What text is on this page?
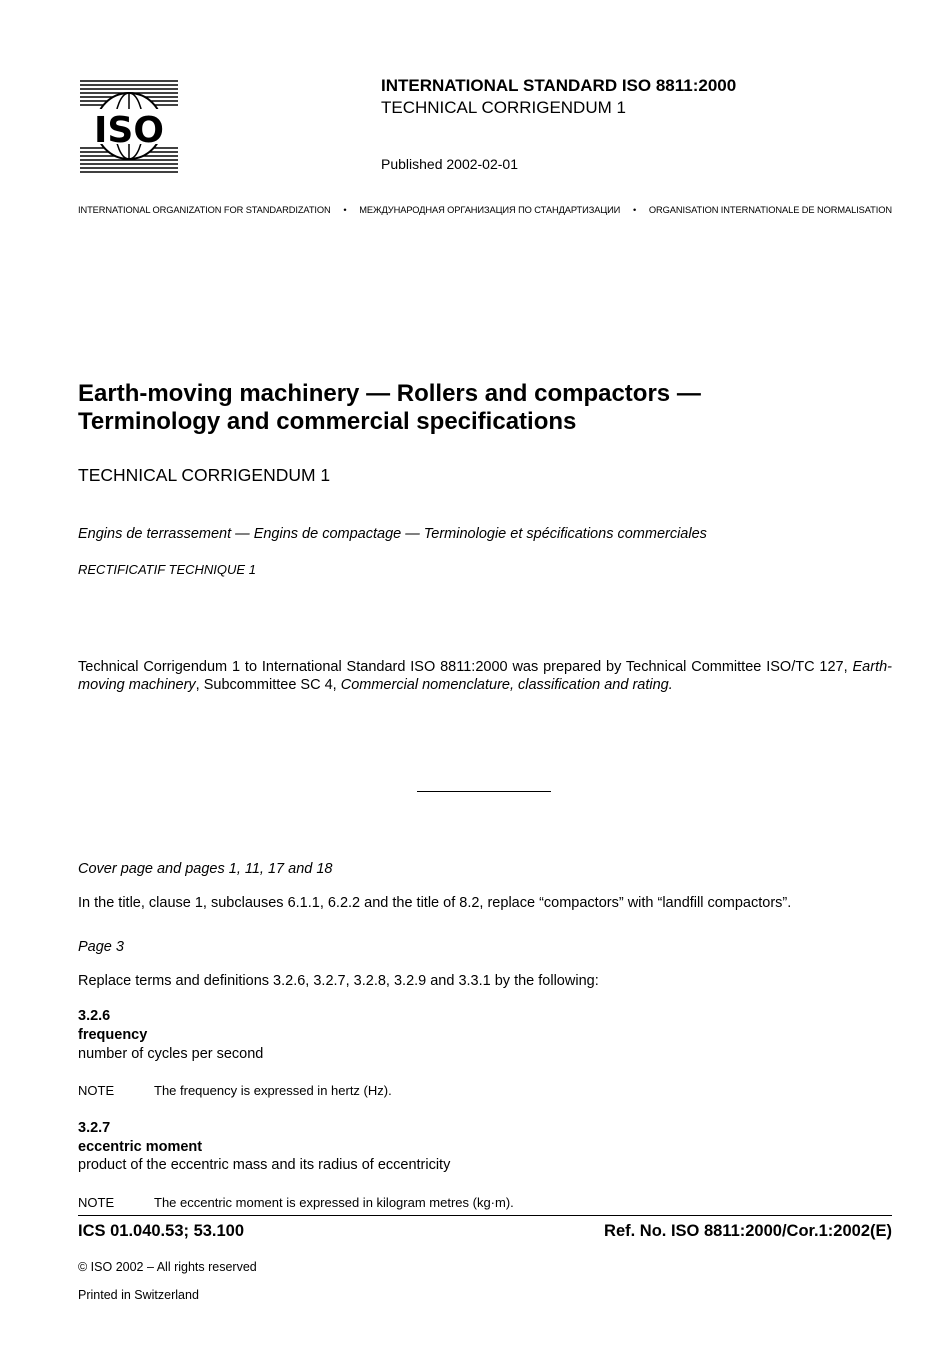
ISO
INTERNATIONAL STANDARD ISO 8811:2000
TECHNICAL CORRIGENDUM 1
Published 2002-02-01
INTERNATIONAL ORGANIZATION FOR STANDARDIZATION • МЕЖДУНАРОДНАЯ ОРГАНИЗАЦИЯ ПО СТАНДАРТИЗАЦИИ • ORGANISATION INTERNATIONALE DE NORMALISATION
Earth-moving machinery — Rollers and compactors —
Terminology and commercial specifications
TECHNICAL CORRIGENDUM 1
Engins de terrassement — Engins de compactage — Terminologie et spécifications commerciales
RECTIFICATIF TECHNIQUE 1
Technical Corrigendum 1 to International Standard ISO 8811:2000 was prepared by Technical Committee ISO/TC 127, Earth-moving machinery, Subcommittee SC 4, Commercial nomenclature, classification and rating.
Cover page and pages 1, 11, 17 and 18
In the title, clause 1, subclauses 6.1.1, 6.2.2 and the title of 8.2, replace “compactors” with “landfill compactors”.
Page 3
Replace terms and definitions 3.2.6, 3.2.7, 3.2.8, 3.2.9 and 3.3.1 by the following:
3.2.6
frequency
number of cycles per second
NOTE	The frequency is expressed in hertz (Hz).
3.2.7
eccentric moment
product of the eccentric mass and its radius of eccentricity
NOTE	The eccentric moment is expressed in kilogram metres (kg·m).
ICS 01.040.53; 53.100	Ref. No. ISO 8811:2000/Cor.1:2002(E)
© ISO 2002 – All rights reserved
Printed in Switzerland
